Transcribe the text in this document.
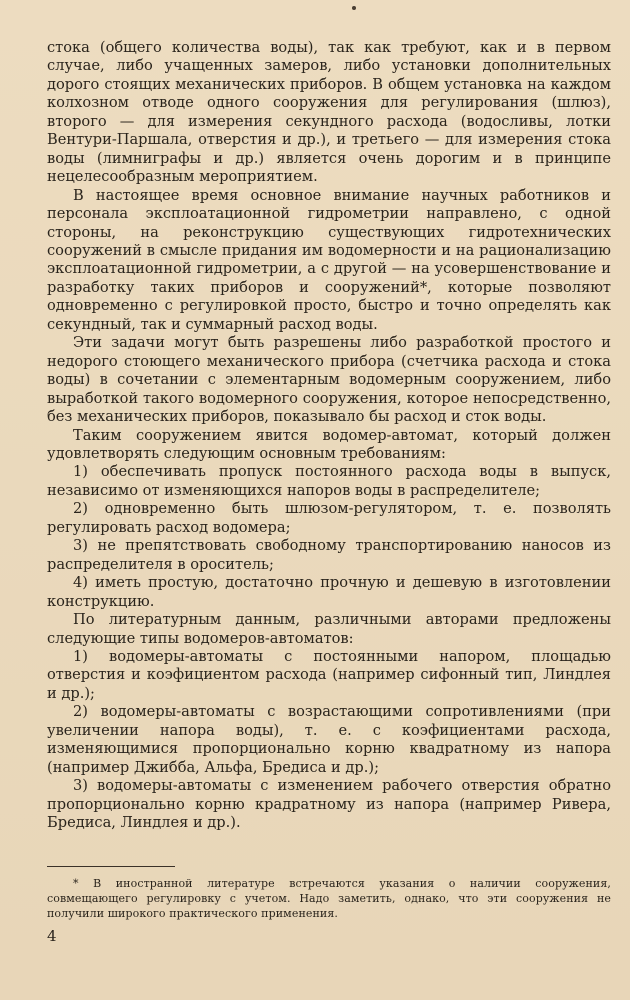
стока (общего количества воды), так как требуют, как и в первом случае, либо учащенных замеров, либо установки дополнительных дорого стоящих механических приборов. В общем установка на каждом колхозном отводе одного сооружения для регулирования (шлюз), второго — для измерения секундного расхода (водосливы, лотки Вентури-Паршала, отверстия и др.), и третьего — для измерения стока воды (лимниграфы и др.) является очень дорогим и в принципе нецелесообразным мероприятием.

В настоящее время основное внимание научных работников и персонала эксплоатационной гидрометрии направлено, с одной стороны, на реконструкцию существующих гидротехнических сооружений в смысле придания им водомерности и на рационализацию эксплоатационной гидрометрии, а с другой — на усовершенствование и разработку таких приборов и сооружений*, которые позволяют одновременно с регулировкой просто, быстро и точно определять как секундный, так и суммарный расход воды.

Эти задачи могут быть разрешены либо разработкой простого и недорого стоющего механического прибора (счетчика расхода и стока воды) в сочетании с элементарным водомерным сооружением, либо выработкой такого водомерного сооружения, которое непосредственно, без механических приборов, показывало бы расход и сток воды.

Таким сооружением явится водомер-автомат, который должен удовлетворять следующим основным требованиям:

1) обеспечивать пропуск постоянного расхода воды в выпуск, независимо от изменяющихся напоров воды в распределителе;

2) одновременно быть шлюзом-регулятором, т. е. позволять регулировать расход водомера;

3) не препятствовать свободному транспортированию наносов из распределителя в ороситель;

4) иметь простую, достаточно прочную и дешевую в изготовлении конструкцию.

По литературным данным, различными авторами предложены следующие типы водомеров-автоматов:

1) водомеры-автоматы с постоянными напором, площадью отверстия и коэфициентом расхода (например сифонный тип, Линдлея и др.);

2) водомеры-автоматы с возрастающими сопротивлениями (при увеличении напора воды), т. е. с коэфициентами расхода, изменяющимися пропорционально корню квадратному из напора (например Джибба, Альфа, Бредиса и др.);

3) водомеры-автоматы с изменением рабочего отверстия обратно пропорционально корню крадратному из напора (например Ривера, Бредиса, Линдлея и др.).

* В иностранной литературе встречаются указания о наличии сооружения, совмещающего регулировку с учетом. Надо заметить, однако, что эти сооружения не получили широкого практического применения.

4
